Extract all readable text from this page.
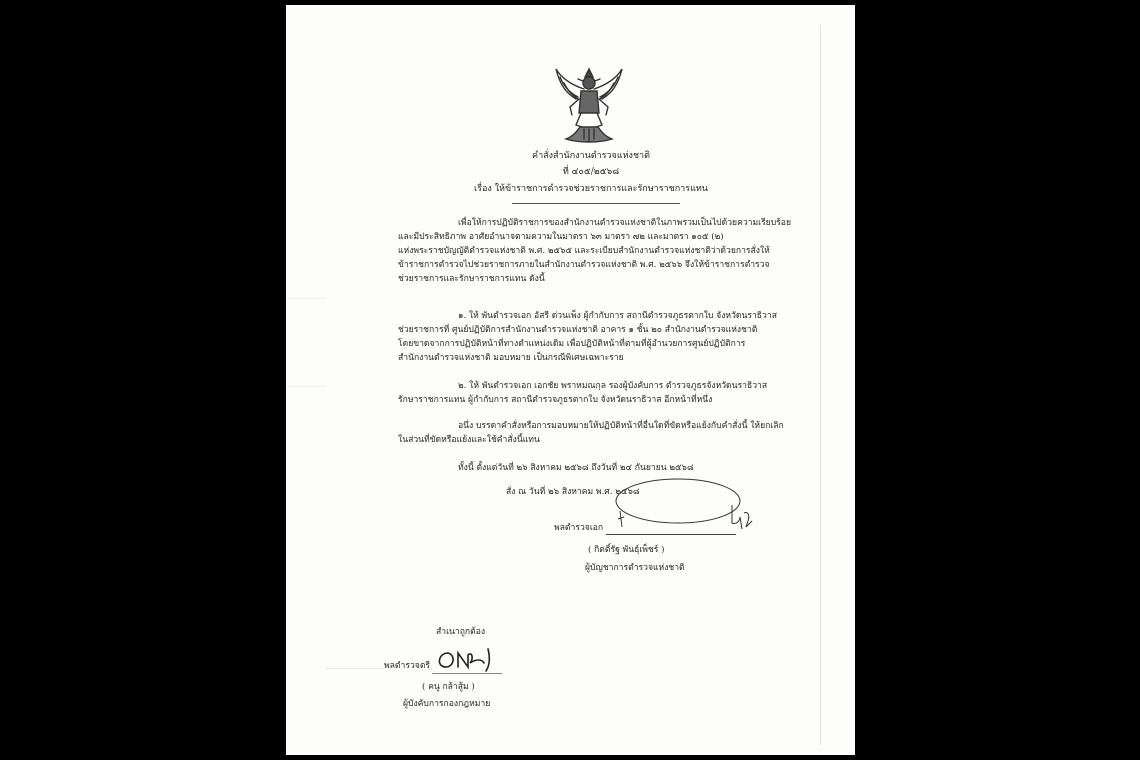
คำสั่งสำนักงานตำรวจแห่งชาติ
ที่ ๔๐๕/๒๕๖๘
เรื่อง ให้ข้าราชการตำรวจช่วยราชการและรักษาราชการแทน
เพื่อให้การปฏิบัติราชการของสำนักงานตำรวจแห่งชาติในภาพรวมเป็นไปด้วยความเรียบร้อย
และมีประสิทธิภาพ อาศัยอำนาจตามความในมาตรา ๖๓ มาตรา ๗๒ และมาตรา ๑๐๕ (๒)
แห่งพระราชบัญญัติตำรวจแห่งชาติ พ.ศ. ๒๕๖๕ และระเบียบสำนักงานตำรวจแห่งชาติว่าด้วยการสั่งให้
ข้าราชการตำรวจไปช่วยราชการภายในสำนักงานตำรวจแห่งชาติ พ.ศ. ๒๕๖๖ จึงให้ข้าราชการตำรวจ
ช่วยราชการและรักษาราชการแทน ดังนี้
๑. ให้ พันตำรวจเอก อัสรี ด่วนเพ็ง ผู้กำกับการ สถานีตำรวจภูธรตากใบ จังหวัดนราธิวาส
ช่วยราชการที่ ศูนย์ปฏิบัติการสำนักงานตำรวจแห่งชาติ อาคาร ๑ ชั้น ๒๐ สำนักงานตำรวจแห่งชาติ
โดยขาดจากการปฏิบัติหน้าที่ทางตำแหน่งเดิม เพื่อปฏิบัติหน้าที่ตามที่ผู้อำนวยการศูนย์ปฏิบัติการ
สำนักงานตำรวจแห่งชาติ มอบหมาย เป็นกรณีพิเศษเฉพาะราย
๒. ให้ พันตำรวจเอก เอกชัย พราหมณกุล รองผู้บังคับการ ตำรวจภูธรจังหวัดนราธิวาส
รักษาราชการแทน ผู้กำกับการ สถานีตำรวจภูธรตากใบ จังหวัดนราธิวาส อีกหน้าที่หนึ่ง
อนึ่ง บรรดาคำสั่งหรือการมอบหมายให้ปฏิบัติหน้าที่อื่นใดที่ขัดหรือแย้งกับคำสั่งนี้ ให้ยกเลิก
ในส่วนที่ขัดหรือแย้งและใช้คำสั่งนี้แทน
ทั้งนี้ ตั้งแต่วันที่ ๒๖ สิงหาคม ๒๕๖๘ ถึงวันที่ ๒๔ กันยายน ๒๕๖๘
สั่ง ณ วันที่ ๒๖ สิงหาคม พ.ศ. ๒๕๖๘
พลตำรวจเอก
( กิตติ์รัฐ พันธุ์เพ็ชร์ )
ผู้บัญชาการตำรวจแห่งชาติ
สำเนาถูกต้อง
พลตำรวจตรี
( คนู กล้าสู้ม )
ผู้บังคับการกองกฎหมาย
